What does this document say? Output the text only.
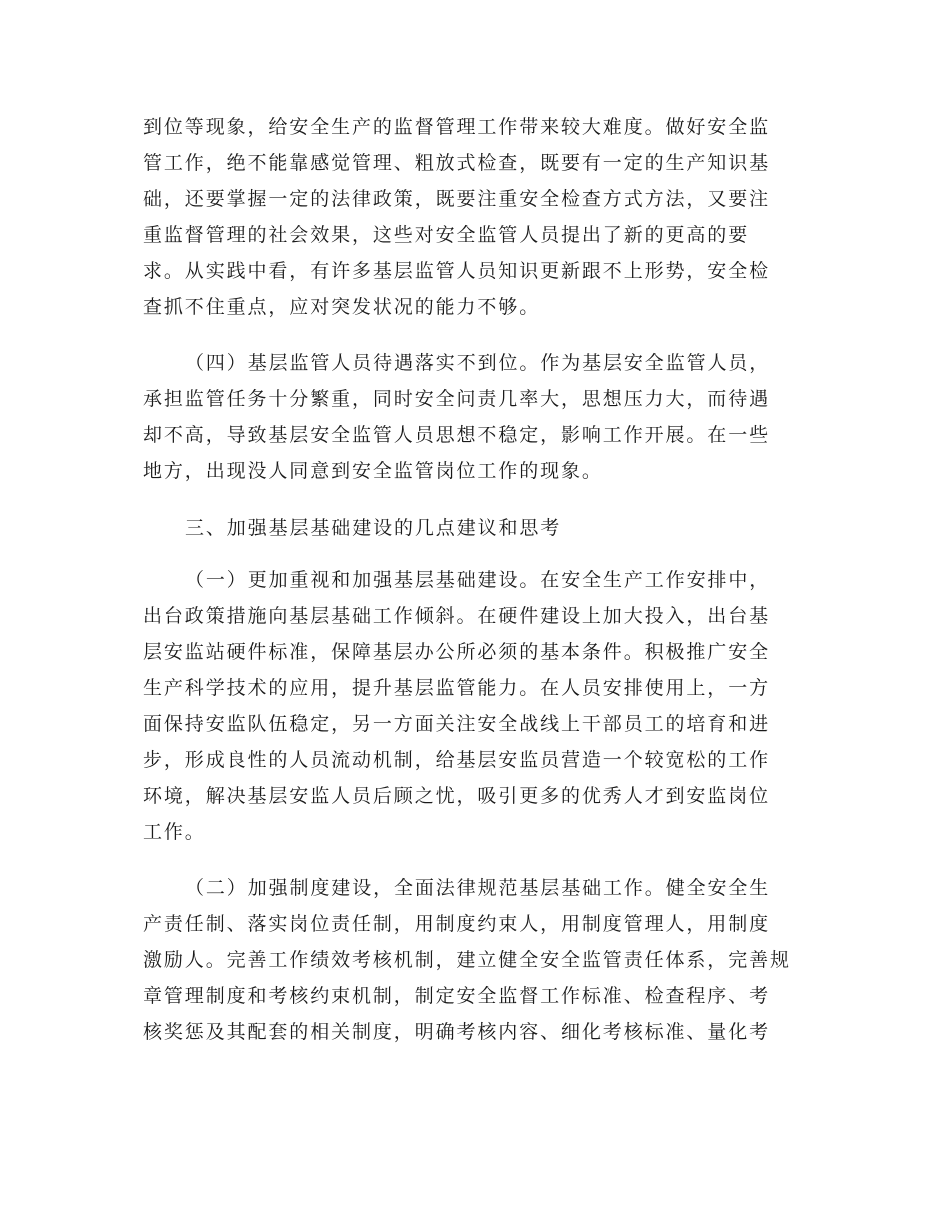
到位等现象，给安全生产的监督管理工作带来较大难度。做好安全监
管工作，绝不能靠感觉管理、粗放式检查，既要有一定的生产知识基
础，还要掌握一定的法律政策，既要注重安全检查方式方法，又要注
重监督管理的社会效果，这些对安全监管人员提出了新的更高的要
求。从实践中看，有许多基层监管人员知识更新跟不上形势，安全检
查抓不住重点，应对突发状况的能力不够。
（四）基层监管人员待遇落实不到位。作为基层安全监管人员，
承担监管任务十分繁重，同时安全问责几率大，思想压力大，而待遇
却不高，导致基层安全监管人员思想不稳定，影响工作开展。在一些
地方，出现没人同意到安全监管岗位工作的现象。
三、加强基层基础建设的几点建议和思考
（一）更加重视和加强基层基础建设。在安全生产工作安排中，
出台政策措施向基层基础工作倾斜。在硬件建设上加大投入，出台基
层安监站硬件标准，保障基层办公所必须的基本条件。积极推广安全
生产科学技术的应用，提升基层监管能力。在人员安排使用上，一方
面保持安监队伍稳定，另一方面关注安全战线上干部员工的培育和进
步，形成良性的人员流动机制，给基层安监员营造一个较宽松的工作
环境，解决基层安监人员后顾之忧，吸引更多的优秀人才到安监岗位
工作。
（二）加强制度建设，全面法律规范基层基础工作。健全安全生
产责任制、落实岗位责任制，用制度约束人，用制度管理人，用制度
激励人。完善工作绩效考核机制，建立健全安全监管责任体系，完善规
章管理制度和考核约束机制，制定安全监督工作标准、检查程序、考
核奖惩及其配套的相关制度，明确考核内容、细化考核标准、量化考
